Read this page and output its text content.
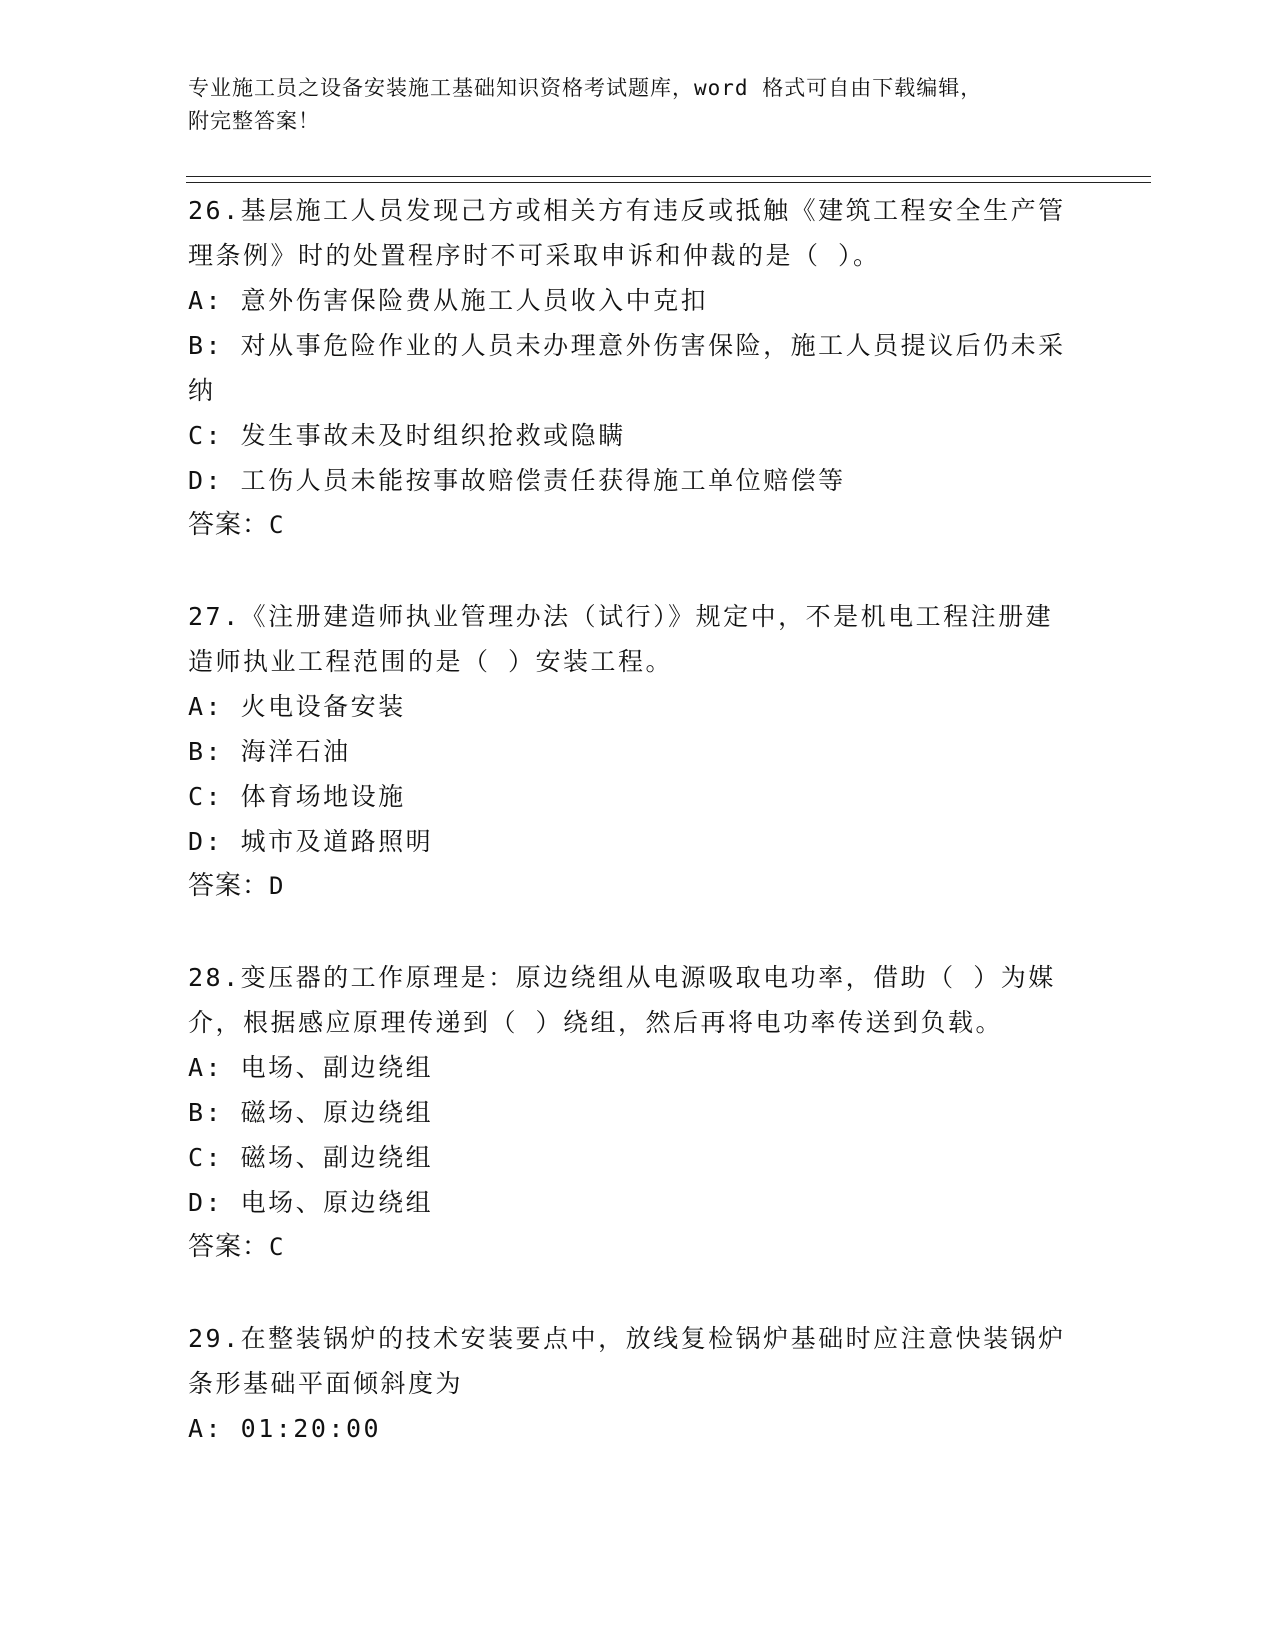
专业施工员之设备安装施工基础知识资格考试题库，word 格式可自由下载编辑，
附完整答案！

26.基层施工人员发现己方或相关方有违反或抵触《建筑工程安全生产管理条例》时的处置程序时不可采取申诉和仲裁的是（ ）。

A: 意外伤害保险费从施工人员收入中克扣

B: 对从事危险作业的人员未办理意外伤害保险，施工人员提议后仍未采纳

C: 发生事故未及时组织抢救或隐瞒

D: 工伤人员未能按事故赔偿责任获得施工单位赔偿等

答案：C

27.《注册建造师执业管理办法（试行）》规定中，不是机电工程注册建造师执业工程范围的是（ ）安装工程。

A: 火电设备安装

B: 海洋石油

C: 体育场地设施

D: 城市及道路照明

答案：D

28.变压器的工作原理是：原边绕组从电源吸取电功率，借助（ ）为媒介，根据感应原理传递到（ ）绕组，然后再将电功率传送到负载。

A: 电场、副边绕组

B: 磁场、原边绕组

C: 磁场、副边绕组

D: 电场、原边绕组

答案：C

29.在整装锅炉的技术安装要点中，放线复检锅炉基础时应注意快装锅炉条形基础平面倾斜度为

A: 01:20:00
